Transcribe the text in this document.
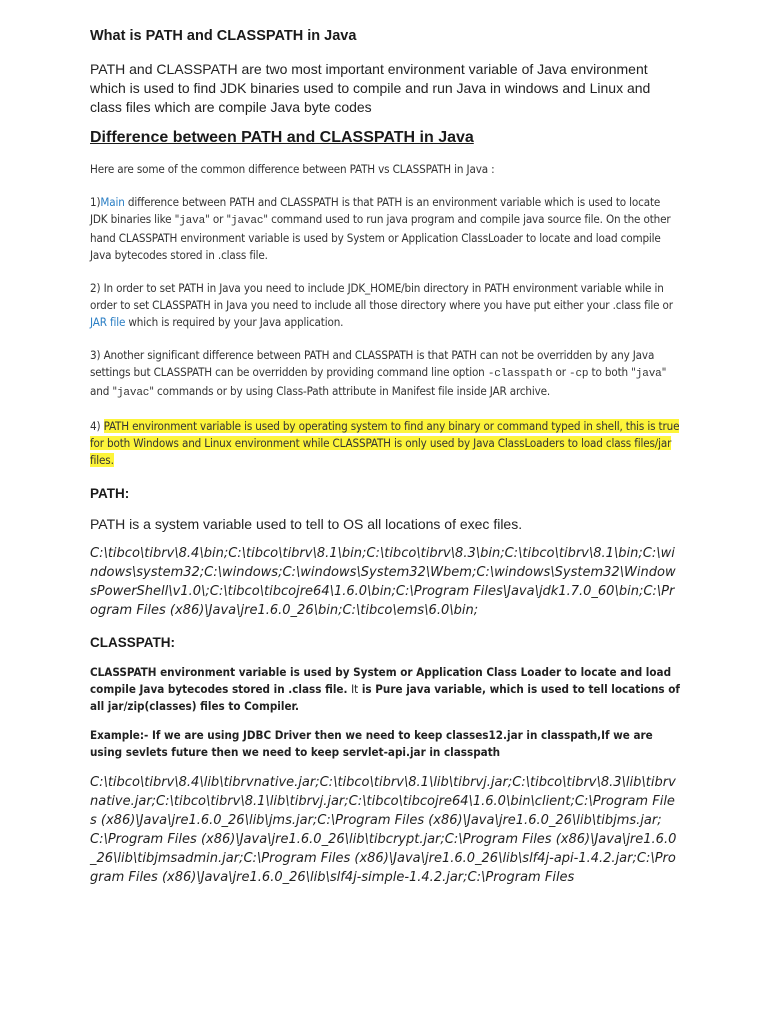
What is PATH and CLASSPATH in Java

PATH and CLASSPATH are two most important environment variable of Java environment which is used to find JDK binaries used to compile and run Java in windows and Linux and class files which are compile Java byte codes

Difference between PATH and CLASSPATH in Java

Here are some of the common difference between PATH vs CLASSPATH in Java :

1)Main difference between PATH and CLASSPATH is that PATH is an environment variable which is used to locate JDK binaries like "java" or "javac" command used to run java program and compile java source file. On the other hand CLASSPATH environment variable is used by System or Application ClassLoader to locate and load compile Java bytecodes stored in .class file.

2) In order to set PATH in Java you need to include JDK_HOME/bin directory in PATH environment variable while in order to set CLASSPATH in Java you need to include all those directory where you have put either your .class file or JAR file which is required by your Java application.

3) Another significant difference between PATH and CLASSPATH is that PATH can not be overridden by any Java settings but CLASSPATH can be overridden by providing command line option -classpath or -cp to both "java" and "javac" commands or by using Class-Path attribute in Manifest file inside JAR archive.

4) PATH environment variable is used by operating system to find any binary or command typed in shell, this is true for both Windows and Linux environment while CLASSPATH is only used by Java ClassLoaders to load class files/jar files.

PATH:

PATH is a system variable used to tell to OS all locations of exec files.

C:\tibco\tibrv\8.4\bin;C:\tibco\tibrv\8.1\bin;C:\tibco\tibrv\8.3\bin;C:\tibco\tibrv\8.1\bin;C:\windows\system32;C:\windows;C:\windows\System32\Wbem;C:\windows\System32\WindowsPowerShell\v1.0\;C:\tibco\tibcojre64\1.6.0\bin;C:\Program Files\Java\jdk1.7.0_60\bin;C:\Program Files (x86)\Java\jre1.6.0_26\bin;C:\tibco\ems\6.0\bin;

CLASSPATH:

CLASSPATH environment variable is used by System or Application Class Loader to locate and load compile Java bytecodes stored in .class file. It is Pure java variable, which is used to tell locations of all jar/zip(classes) files to Compiler.

Example:- If we are using JDBC Driver then we need to keep classes12.jar in classpath,If we are using sevlets future then we need to keep servlet-api.jar in classpath

C:\tibco\tibrv\8.4\lib\tibrvnative.jar;C:\tibco\tibrv\8.1\lib\tibrvj.jar;C:\tibco\tibrv\8.3\lib\tibrvnative.jar;C:\tibco\tibrv\8.1\lib\tibrvj.jar;C:\tibco\tibcojre64\1.6.0\bin\client;C:\Program Files (x86)\Java\jre1.6.0_26\lib\jms.jar;C:\Program Files (x86)\Java\jre1.6.0_26\lib\tibjms.jar;C:\Program Files (x86)\Java\jre1.6.0_26\lib\tibcrypt.jar;C:\Program Files (x86)\Java\jre1.6.0_26\lib\tibjmsadmin.jar;C:\Program Files (x86)\Java\jre1.6.0_26\lib\slf4j-api-1.4.2.jar;C:\Program Files (x86)\Java\jre1.6.0_26\lib\slf4j-simple-1.4.2.jar;C:\Program Files
